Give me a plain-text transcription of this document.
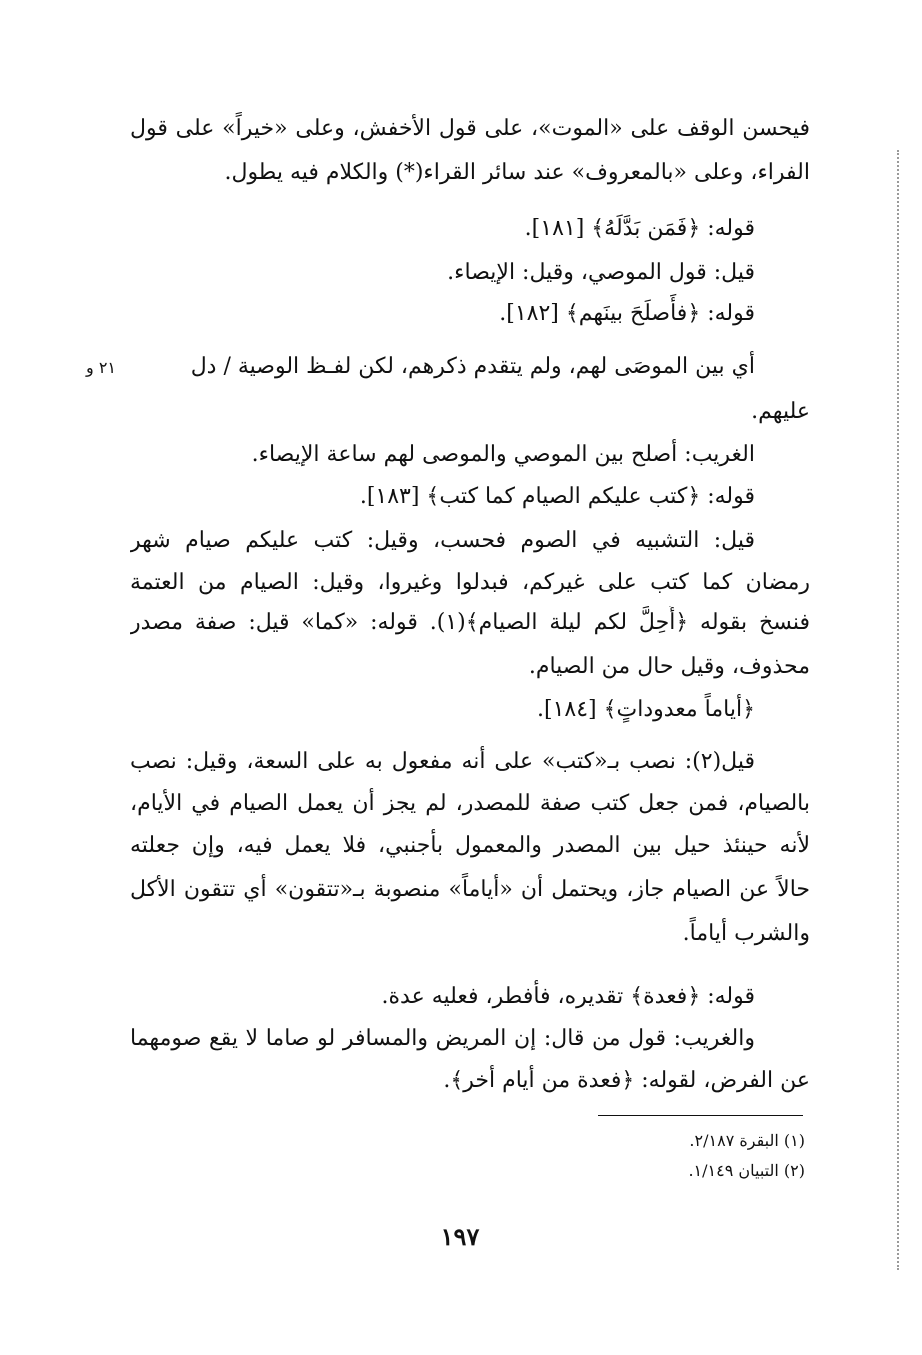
فيحسن الوقف على «الموت»، على قول الأخفش، وعلى «خيراً» على قول
الفراء، وعلى «بالمعروف» عند سائر القراء(*) والكلام فيه يطول.
قوله: ﴿فَمَن بَدَّلَهُ﴾ [١٨١].
قيل: قول الموصي، وقيل: الإيصاء.
قوله: ﴿فأَصلَحَ بينَهم﴾ [١٨٢].
أي بين الموصَى لهم، ولم يتقدم ذكرهم، لكن لفـظ الوصية / دل
٢١ و
عليهم.
الغريب: أصلح بين الموصي والموصى لهم ساعة الإيصاء.
قوله: ﴿كتب عليكم الصيام كما كتب﴾ [١٨٣].
قيل: التشبيه في الصوم فحسب، وقيل: كتب عليكم صيام شهر
رمضان كما كتب على غيركم، فبدلوا وغيروا، وقيل: الصيام من العتمة
فنسخ بقوله ﴿أُحِلَّ لكم ليلة الصيام﴾(١). قوله: «كما» قيل: صفة مصدر
محذوف، وقيل حال من الصيام.
﴿أياماً معدوداتٍ﴾ [١٨٤].
قيل(٢): نصب بـ«كتب» على أنه مفعول به على السعة، وقيل: نصب
بالصيام، فمن جعل كتب صفة للمصدر، لم يجز أن يعمل الصيام في الأيام،
لأنه حينئذ حيل بين المصدر والمعمول بأجنبي، فلا يعمل فيه، وإن جعلته
حالاً عن الصيام جاز، ويحتمل أن «أياماً» منصوبة بـ«تتقون» أي تتقون الأكل
والشرب أياماً.
قوله: ﴿فعدة﴾ تقديره، فأفطر، فعليه عدة.
والغريب: قول من قال: إن المريض والمسافر لو صاما لا يقع صومهما
عن الفرض، لقوله: ﴿فعدة من أيام أخر﴾.
(١) البقرة ٢/١٨٧.
(٢) التبيان ١/١٤٩.
١٩٧
